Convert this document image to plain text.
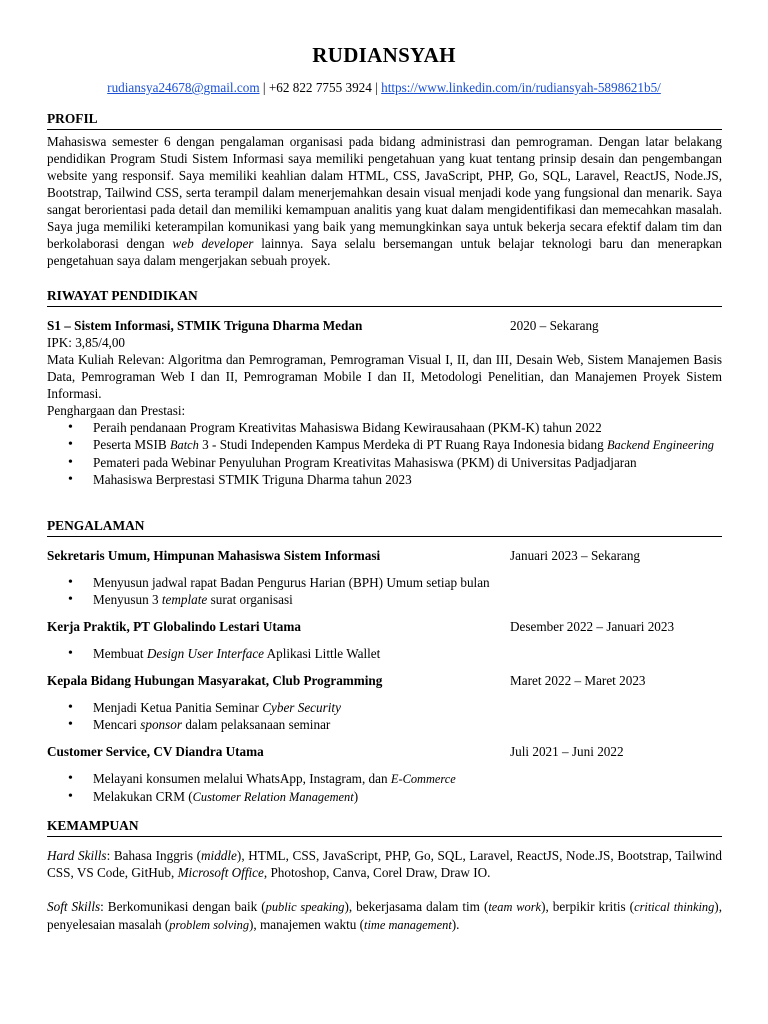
RUDIANSYAH
rudiansya24678@gmail.com | +62 822 7755 3924 | https://www.linkedin.com/in/rudiansyah-5898621b5/
PROFIL

Mahasiswa semester 6 dengan pengalaman organisasi pada bidang administrasi dan pemrograman. Dengan latar belakang pendidikan Program Studi Sistem Informasi saya memiliki pengetahuan yang kuat tentang prinsip desain dan pengembangan website yang responsif. Saya memiliki keahlian dalam HTML, CSS, JavaScript, PHP, Go, SQL, Laravel, ReactJS, Node.JS, Bootstrap, Tailwind CSS, serta terampil dalam menerjemahkan desain visual menjadi kode yang fungsional dan menarik. Saya sangat berorientasi pada detail dan memiliki kemampuan analitis yang kuat dalam mengidentifikasi dan memecahkan masalah. Saya juga memiliki keterampilan komunikasi yang baik yang memungkinkan saya untuk bekerja secara efektif dalam tim dan berkolaborasi dengan web developer lainnya. Saya selalu bersemangan untuk belajar teknologi baru dan menerapkan pengetahuan saya dalam mengerjakan sebuah proyek.

RIWAYAT PENDIDIKAN
S1 – Sistem Informasi, STMIK Triguna Dharma Medan	2020 – Sekarang
IPK: 3,85/4,00

Mata Kuliah Relevan: Algoritma dan Pemrograman, Pemrograman Visual I, II, dan III, Desain Web, Sistem Manajemen Basis Data, Pemrograman Web I dan II, Pemrograman Mobile I dan II, Metodologi Penelitian, dan Manajemen Proyek Sistem Informasi.

Penghargaan dan Prestasi:
• Peraih pendanaan Program Kreativitas Mahasiswa Bidang Kewirausahaan (PKM-K) tahun 2022
• Peserta MSIB Batch 3 - Studi Independen Kampus Merdeka di PT Ruang Raya Indonesia bidang Backend Engineering
• Pemateri pada Webinar Penyuluhan Program Kreativitas Mahasiswa (PKM) di Universitas Padjadjaran
• Mahasiswa Berprestasi STMIK Triguna Dharma tahun 2023
PENGALAMAN
Sekretaris Umum, Himpunan Mahasiswa Sistem Informasi	Januari 2023 – Sekarang
• Menyusun jadwal rapat Badan Pengurus Harian (BPH) Umum setiap bulan
• Menyusun 3 template surat organisasi
Kerja Praktik, PT Globalindo Lestari Utama	Desember 2022 – Januari 2023
• Membuat Design User Interface Aplikasi Little Wallet
Kepala Bidang Hubungan Masyarakat, Club Programming	Maret 2022 – Maret 2023
• Menjadi Ketua Panitia Seminar Cyber Security
• Mencari sponsor dalam pelaksanaan seminar
Customer Service, CV Diandra Utama	Juli 2021 – Juni 2022
• Melayani konsumen melalui WhatsApp, Instagram, dan E-Commerce
• Melakukan CRM (Customer Relation Management)
KEMAMPUAN

Hard Skills: Bahasa Inggris (middle), HTML, CSS, JavaScript, PHP, Go, SQL, Laravel, ReactJS, Node.JS, Bootstrap, Tailwind CSS, VS Code, GitHub, Microsoft Office, Photoshop, Canva, Corel Draw, Draw IO.

Soft Skills: Berkomunikasi dengan baik (public speaking), bekerjasama dalam tim (team work), berpikir kritis (critical thinking), penyelesaian masalah (problem solving), manajemen waktu (time management).
